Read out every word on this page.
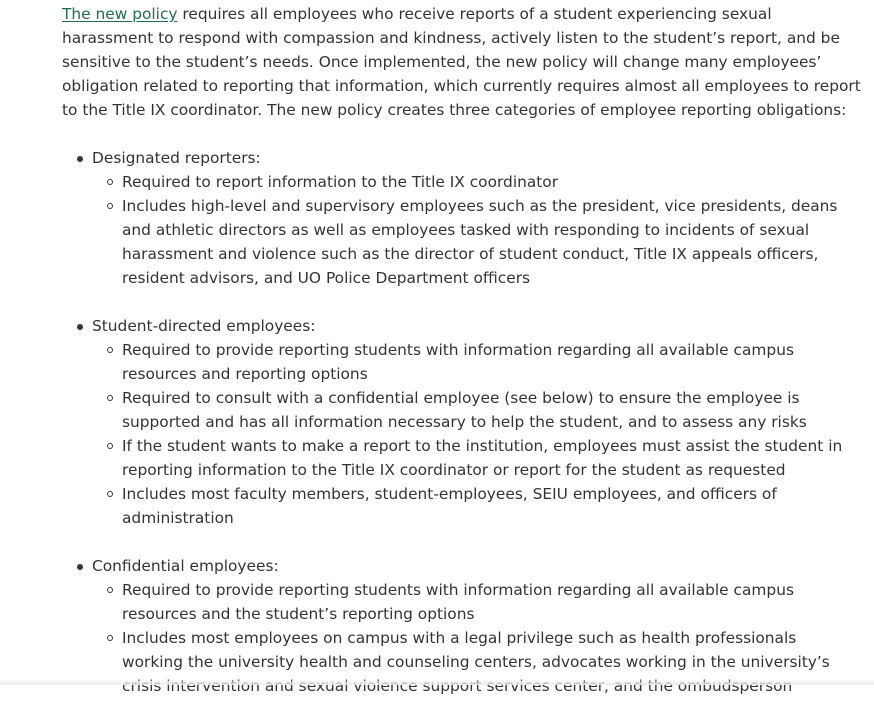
The new policy requires all employees who receive reports of a student experiencing sexual harassment to respond with compassion and kindness, actively listen to the student’s report, and be sensitive to the student’s needs. Once implemented, the new policy will change many employees’ obligation related to reporting that information, which currently requires almost all employees to report to the Title IX coordinator. The new policy creates three categories of employee reporting obligations:

Designated reporters:
Required to report information to the Title IX coordinator
Includes high-level and supervisory employees such as the president, vice presidents, deans and athletic directors as well as employees tasked with responding to incidents of sexual harassment and violence such as the director of student conduct, Title IX appeals officers, resident advisors, and UO Police Department officers
Student-directed employees:
Required to provide reporting students with information regarding all available campus resources and reporting options
Required to consult with a confidential employee (see below) to ensure the employee is supported and has all information necessary to help the student, and to assess any risks
If the student wants to make a report to the institution, employees must assist the student in reporting information to the Title IX coordinator or report for the student as requested
Includes most faculty members, student-employees, SEIU employees, and officers of administration
Confidential employees:
Required to provide reporting students with information regarding all available campus resources and the student’s reporting options
Includes most employees on campus with a legal privilege such as health professionals working the university health and counseling centers, advocates working in the university’s crisis intervention and sexual violence support services center, and the ombudsperson
